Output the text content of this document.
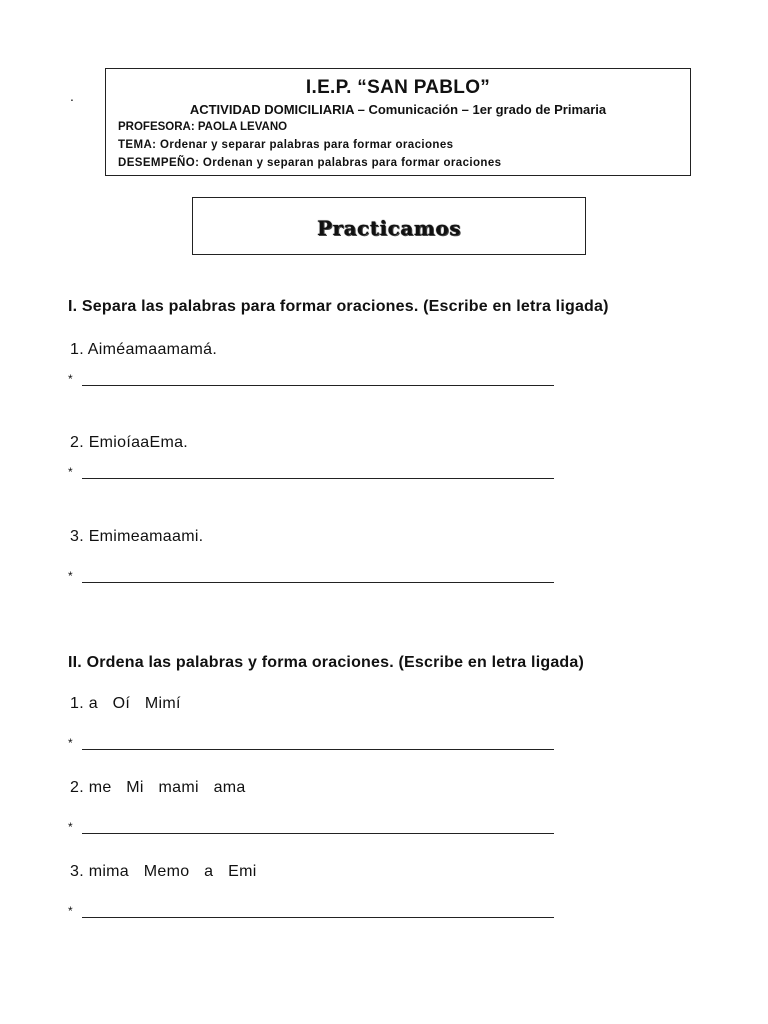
.	I.E.P. “SAN PABLO”
ACTIVIDAD DOMICILIARIA – Comunicación – 1er grado de Primaria
PROFESORA: PAOLA LEVANO
TEMA: Ordenar y separar palabras para formar oraciones
DESEMPEÑO: Ordenan y separan palabras para formar oraciones
Practicamos
I. Separa las palabras para formar oraciones. (Escribe en letra ligada)
1. Aiméamaamamá.
*
2. EmioíaaEma.
*
3. Emimeamaami.
*
II. Ordena las palabras y forma oraciones. (Escribe en letra ligada)
1. a Oí Mimí
*
2. me Mi mami ama
*
3. mima Memo a Emi
*
